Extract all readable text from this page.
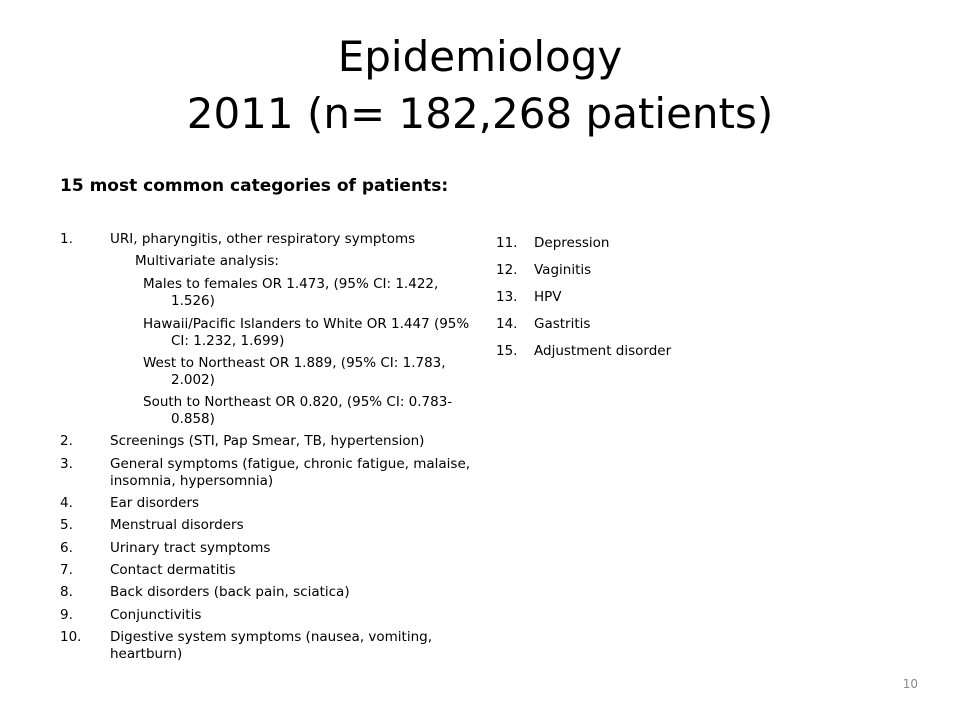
Epidemiology
2011 (n= 182,268 patients)
15 most common categories of patients:
1.	URI, pharyngitis, other respiratory symptoms
Multivariate analysis:
Males to females OR 1.473, (95% CI: 1.422, 1.526)
Hawaii/Pacific Islanders to White OR 1.447 (95% CI: 1.232, 1.699)
West to Northeast OR 1.889, (95% CI: 1.783, 2.002)
South to Northeast OR 0.820, (95% CI: 0.783-0.858)
2.	Screenings (STI, Pap Smear, TB, hypertension)
3.	General symptoms (fatigue, chronic fatigue, malaise, insomnia, hypersomnia)
4.	Ear disorders
5.	Menstrual disorders
6.	Urinary tract symptoms
7.	Contact dermatitis
8.	Back disorders (back pain, sciatica)
9.	Conjunctivitis
10. Digestive system symptoms (nausea, vomiting, heartburn)
11. Depression
12. Vaginitis
13. HPV
14. Gastritis
15. Adjustment disorder
10
